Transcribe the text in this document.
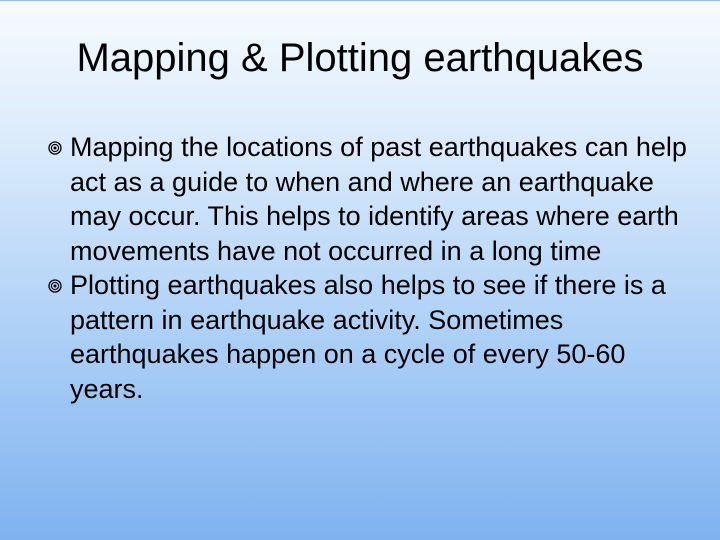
Mapping & Plotting earthquakes
Mapping the locations of past earthquakes can help act as a guide to when and where an earthquake may occur. This helps to identify areas where earth movements have not occurred in a long time
Plotting earthquakes also helps to see if there is a pattern in earthquake activity. Sometimes earthquakes happen on a cycle of every 50-60 years.
